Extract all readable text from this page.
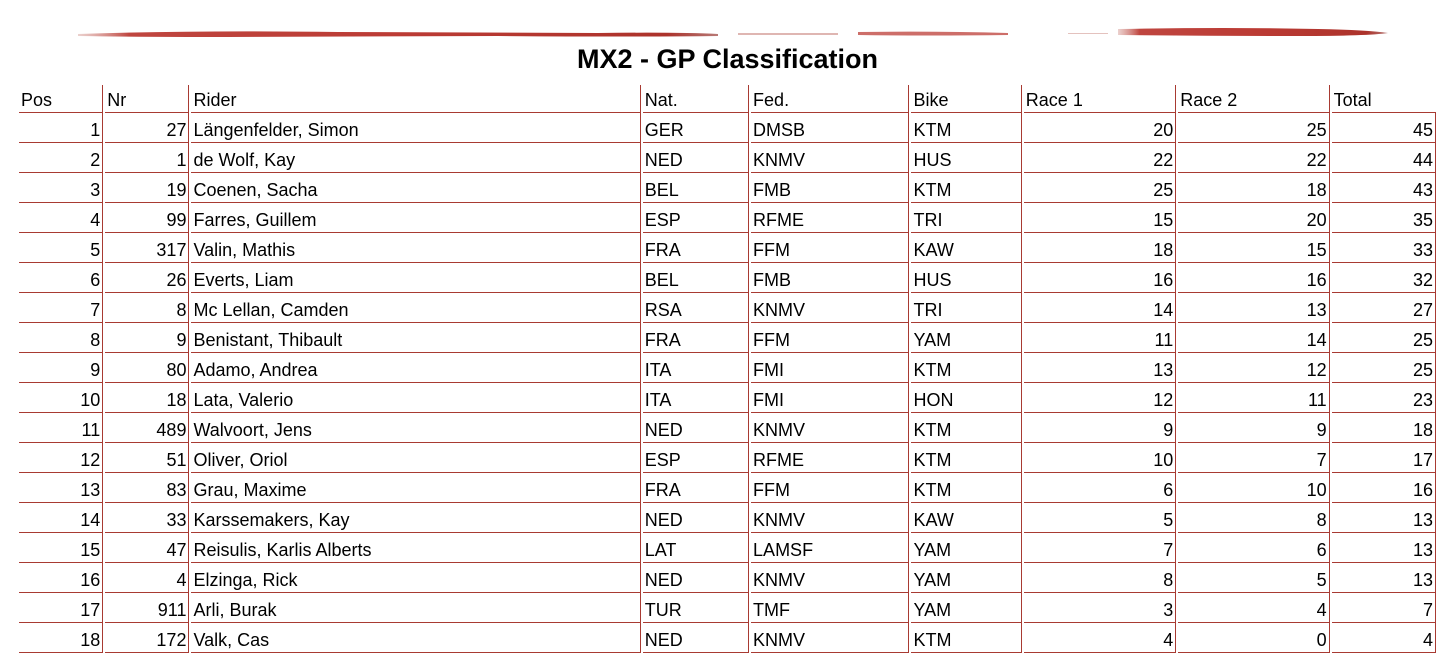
MX2 - GP Classification
Pos	Nr	Rider	Nat.	Fed.	Bike	Race 1	Race 2	Total
1	27	Längenfelder, Simon	GER	DMSB	KTM	20	25	45
2	1	de Wolf, Kay	NED	KNMV	HUS	22	22	44
3	19	Coenen, Sacha	BEL	FMB	KTM	25	18	43
4	99	Farres, Guillem	ESP	RFME	TRI	15	20	35
5	317	Valin, Mathis	FRA	FFM	KAW	18	15	33
6	26	Everts, Liam	BEL	FMB	HUS	16	16	32
7	8	Mc Lellan, Camden	RSA	KNMV	TRI	14	13	27
8	9	Benistant, Thibault	FRA	FFM	YAM	11	14	25
9	80	Adamo, Andrea	ITA	FMI	KTM	13	12	25
10	18	Lata, Valerio	ITA	FMI	HON	12	11	23
11	489	Walvoort, Jens	NED	KNMV	KTM	9	9	18
12	51	Oliver, Oriol	ESP	RFME	KTM	10	7	17
13	83	Grau, Maxime	FRA	FFM	KTM	6	10	16
14	33	Karssemakers, Kay	NED	KNMV	KAW	5	8	13
15	47	Reisulis, Karlis Alberts	LAT	LAMSF	YAM	7	6	13
16	4	Elzinga, Rick	NED	KNMV	YAM	8	5	13
17	911	Arli, Burak	TUR	TMF	YAM	3	4	7
18	172	Valk, Cas	NED	KNMV	KTM	4	0	4
